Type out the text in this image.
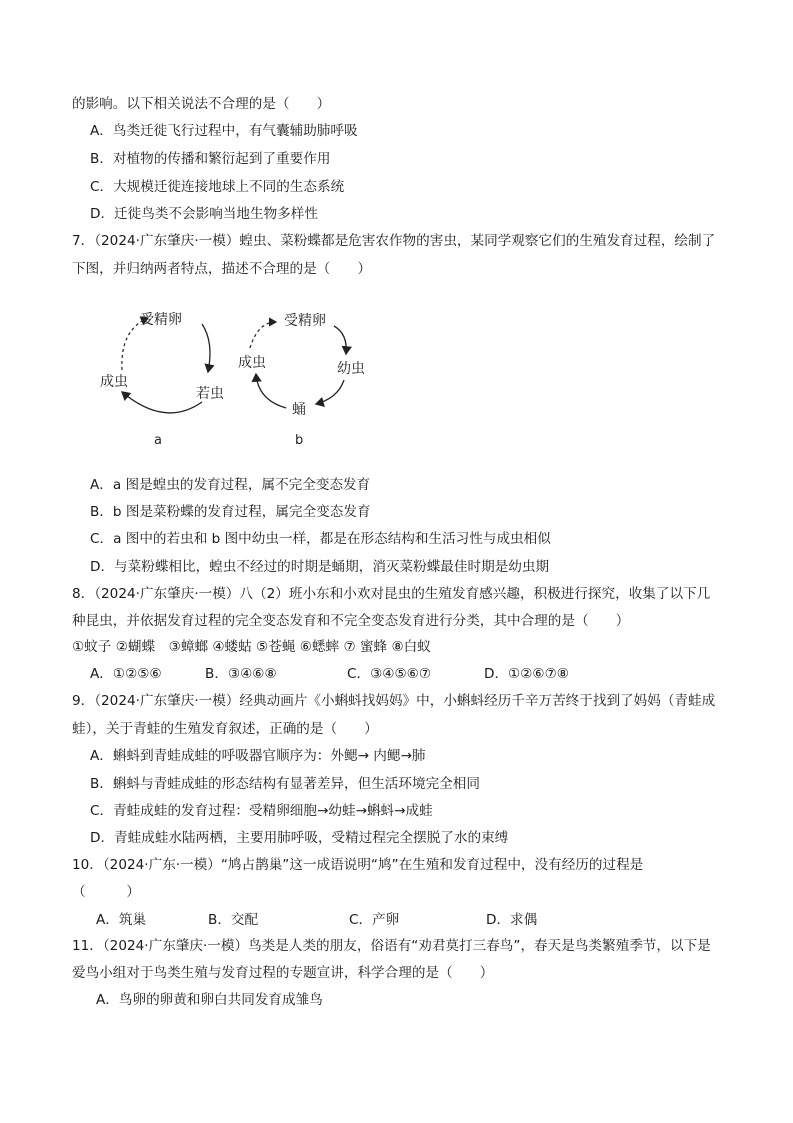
的影响。以下相关说法不合理的是（　　）
A．鸟类迁徙飞行过程中，有气囊辅助肺呼吸
B．对植物的传播和繁衍起到了重要作用
C．大规模迁徙连接地球上不同的生态系统
D．迁徙鸟类不会影响当地生物多样性
7．（2024·广东肇庆·一模）蝗虫、菜粉蝶都是危害农作物的害虫，某同学观察它们的生殖发育过程，绘制了
下图，并归纳两者特点，描述不合理的是（　　）
受精卵
成虫
若虫
a
受精卵
成虫	幼虫
蛹
b
A．a 图是蝗虫的发育过程，属不完全变态发育
B．b 图是菜粉蝶的发育过程，属完全变态发育
C．a 图中的若虫和 b 图中幼虫一样，都是在形态结构和生活习性与成虫相似
D．与菜粉蝶相比，蝗虫不经过的时期是蛹期，消灭菜粉蝶最佳时期是幼虫期
8．（2024·广东肇庆·一模）八（2）班小东和小欢对昆虫的生殖发育感兴趣，积极进行探究，收集了以下几
种昆虫，并依据发育过程的完全变态发育和不完全变态发育进行分类，其中合理的是（　　）
①蚊子 ②蝴蝶　③蟑螂 ④蝼蛄 ⑤苍蝇 ⑥蟋蟀 ⑦ 蜜蜂 ⑧白蚁
A．①②⑤⑥	B．③④⑥⑧	C．③④⑤⑥⑦	D．①②⑥⑦⑧
9．（2024·广东肇庆·一模）经典动画片《小蝌蚪找妈妈》中，小蝌蚪经历千辛万苦终于找到了妈妈（青蛙成
蛙），关于青蛙的生殖发育叙述，正确的是（　　）
A．蝌蚪到青蛙成蛙的呼吸器官顺序为：外鳃→ 内鳃→肺
B．蝌蚪与青蛙成蛙的形态结构有显著差异，但生活环境完全相同
C．青蛙成蛙的发育过程：受精卵细胞→幼蛙→蝌蚪→成蛙
D．青蛙成蛙水陆两栖，主要用肺呼吸，受精过程完全摆脱了水的束缚
10．（2024·广东·一模）“鸠占鹊巢”这一成语说明“鸠”在生殖和发育过程中，没有经历的过程是
（　　　）
A．筑巢	B．交配	C．产卵	D．求偶
11．（2024·广东肇庆·一模）鸟类是人类的朋友，俗语有“劝君莫打三春鸟”，春天是鸟类繁殖季节，以下是
爱鸟小组对于鸟类生殖与发育过程的专题宣讲，科学合理的是（　　）
A．鸟卵的卵黄和卵白共同发育成雏鸟
